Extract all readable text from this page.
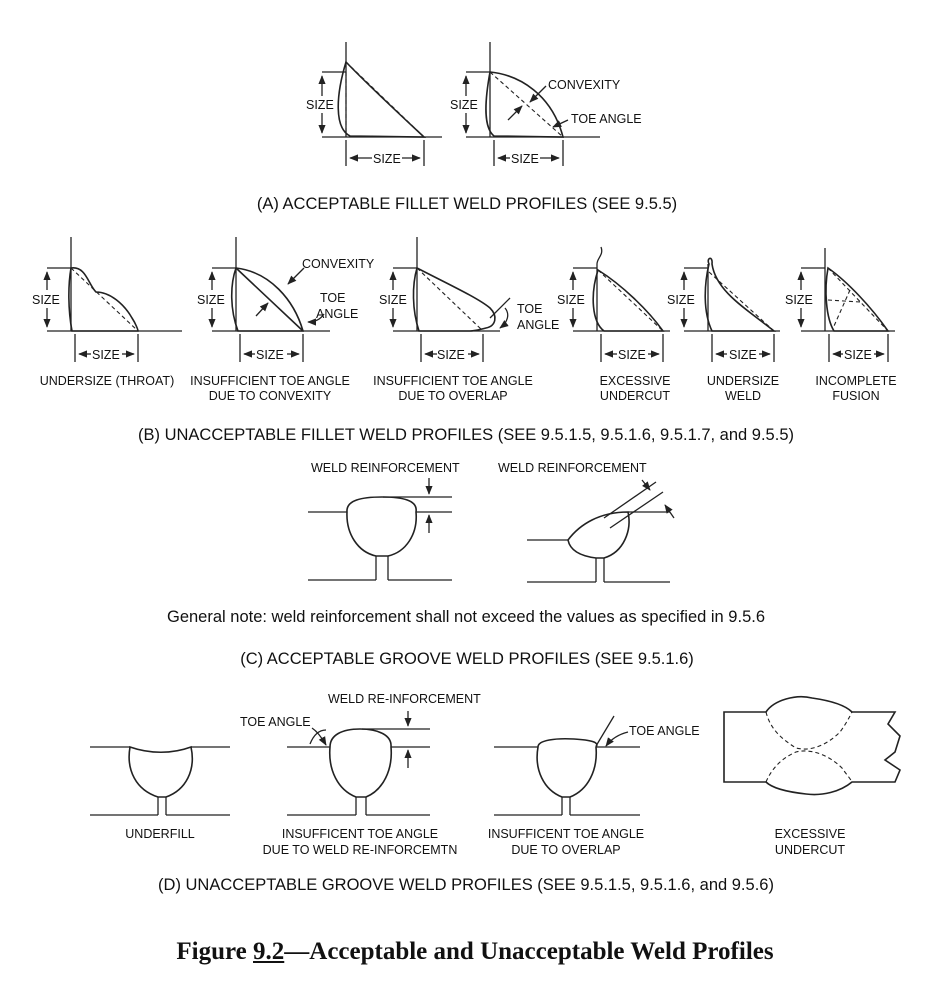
SIZE
SIZE
SIZE
SIZE
CONVEXITY
TOE ANGLE
(A) ACCEPTABLE FILLET WELD PROFILES (SEE 9.5.5)
SIZE
SIZE
SIZE
SIZE
CONVEXITY
TOE
ANGLE
SIZE
SIZE
TOE
ANGLE
SIZE
SIZE
SIZE
SIZE
SIZE
SIZE
UNDERSIZE (THROAT) INSUFFICIENT TOE ANGLE
DUE TO CONVEXITY
INSUFFICIENT TOE ANGLE
DUE TO OVERLAP
EXCESSIVE
UNDERCUT
UNDERSIZE
WELD
INCOMPLETE
FUSION
(B) UNACCEPTABLE FILLET WELD PROFILES (SEE 9.5.1.5, 9.5.1.6, 9.5.1.7, and 9.5.5)
WELD REINFORCEMENT	WELD REINFORCEMENT
General note: weld reinforcement shall not exceed the values as specified in 9.5.6
(C) ACCEPTABLE GROOVE WELD PROFILES (SEE 9.5.1.6)
WELD RE-INFORCEMENT
TOE ANGLE
TOE ANGLE
UNDERFILL	INSUFFICENT TOE ANGLE
DUE TO WELD RE-INFORCEMTN
INSUFFICENT TOE ANGLE
DUE TO OVERLAP
EXCESSIVE
UNDERCUT
(D) UNACCEPTABLE GROOVE WELD PROFILES (SEE 9.5.1.5, 9.5.1.6, and 9.5.6)
Figure 9.2—Acceptable and Unacceptable Weld Profiles
